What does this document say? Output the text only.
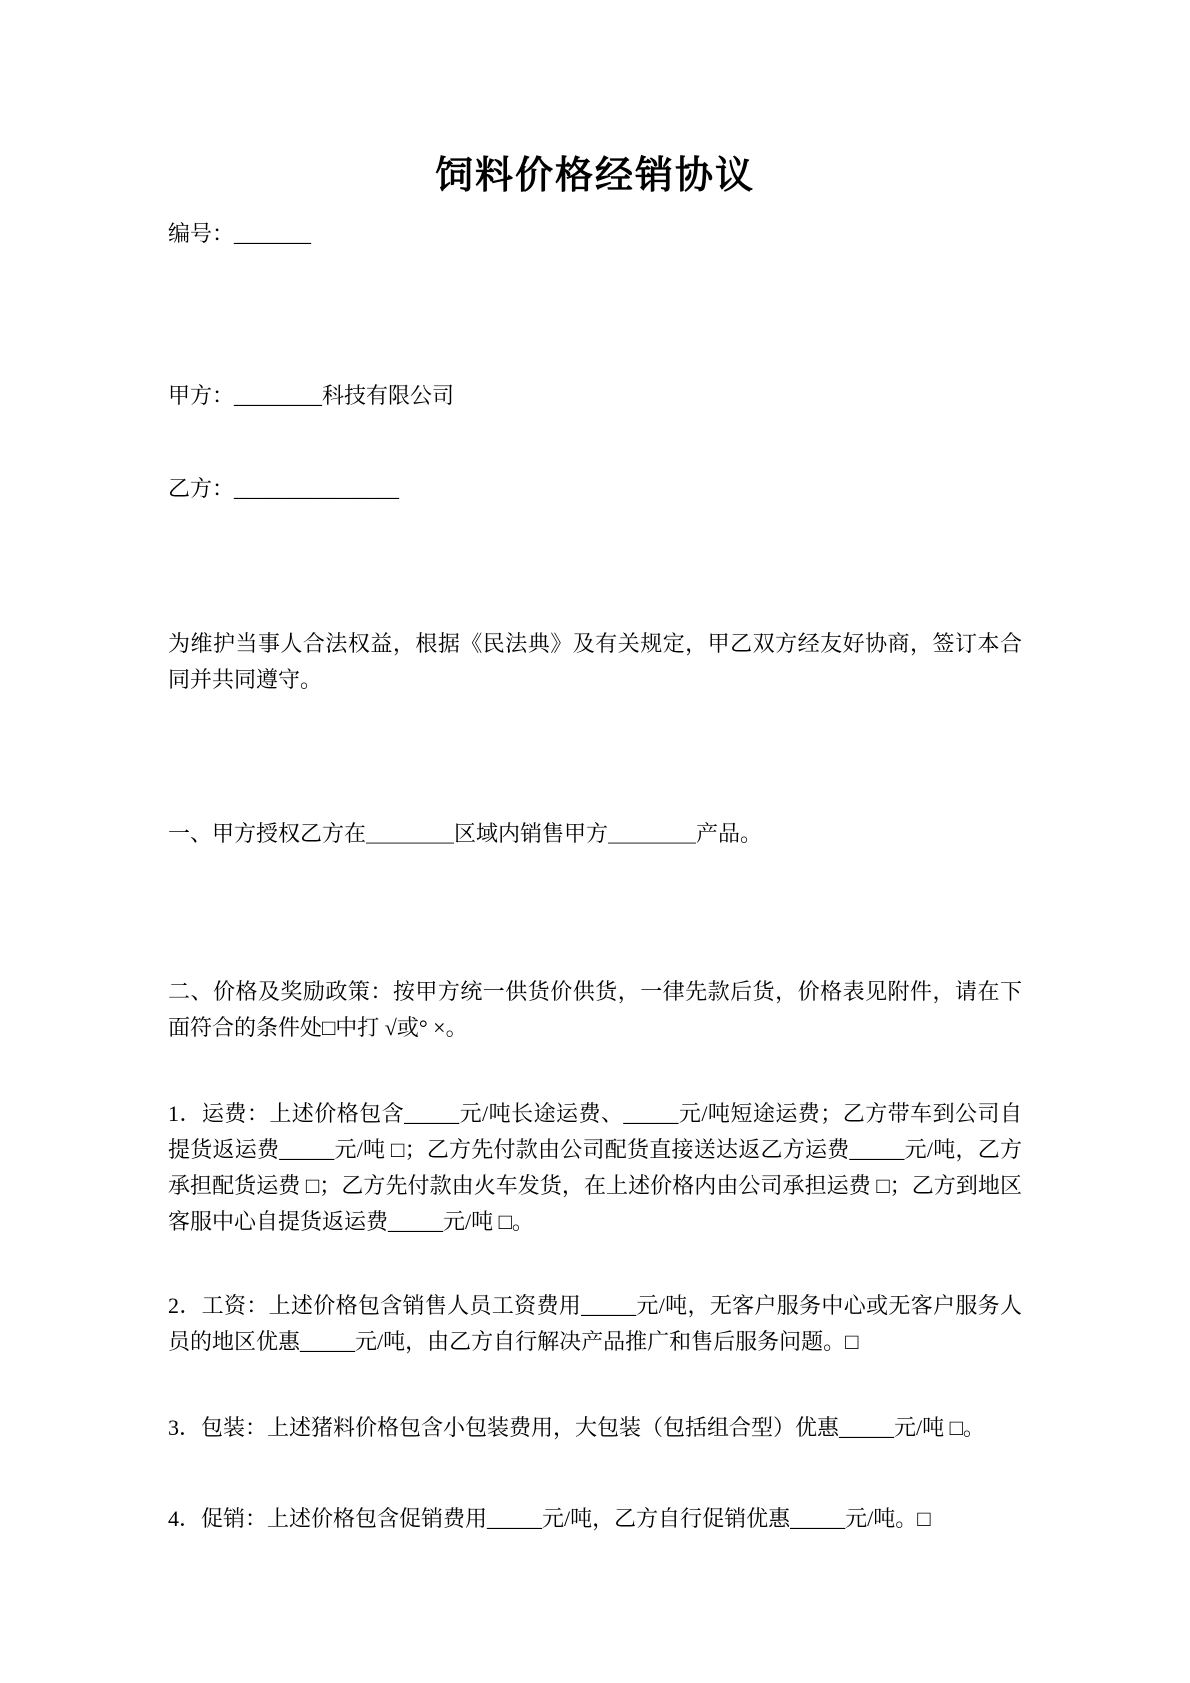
饲料价格经销协议

编号：_______

甲方：________科技有限公司

乙方：_______________

为维护当事人合法权益，根据《民法典》及有关规定，甲乙双方经友好协商，签订本合同并共同遵守。

一、甲方授权乙方在＿＿＿＿区域内销售甲方＿＿＿＿产品。

二、价格及奖励政策：按甲方统一供货价供货，一律先款后货，价格表见附件，请在下面符合的条件处□中打 √或° ×。

1．运费：上述价格包含_____元/吨长途运费、_____元/吨短途运费；乙方带车到公司自提货返运费_____元/吨 □；乙方先付款由公司配货直接送达返乙方运费_____元/吨，乙方承担配货运费 □；乙方先付款由火车发货，在上述价格内由公司承担运费 □；乙方到地区客服中心自提货返运费_____元/吨 □。

2．工资：上述价格包含销售人员工资费用_____元/吨，无客户服务中心或无客户服务人员的地区优惠_____元/吨，由乙方自行解决产品推广和售后服务问题。□

3．包装：上述猪料价格包含小包装费用，大包装（包括组合型）优惠_____元/吨 □。

4．促销：上述价格包含促销费用_____元/吨，乙方自行促销优惠_____元/吨。□
